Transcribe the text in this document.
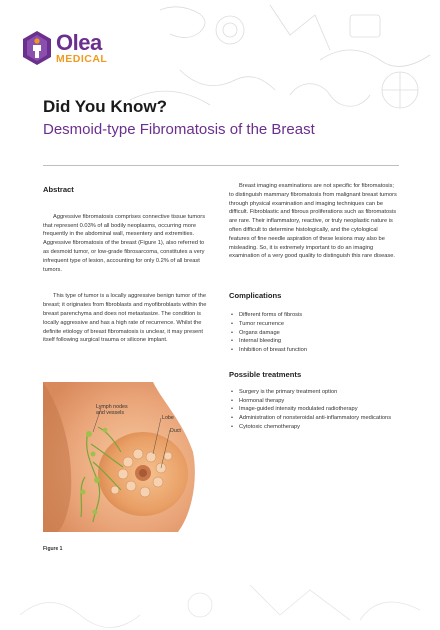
Olea
MEDICAL
Did You Know?
Desmoid-type Fibromatosis of the Breast

Abstract

Aggressive fibromatosis comprises connective tissue tumors that represent 0.03% of all bodily neoplasms, occurring more frequently in the abdominal wall, mesentery and extremities. Aggressive fibromatosis of the breast (Figure 1), also referred to as desmoid tumor, or low-grade fibrosarcoma, constitutes a very infrequent type of lesion, accounting for only 0.2% of all breast tumors.

This type of tumor is a locally aggressive benign tumor of the breast; it originates from fibroblasts and myofibroblasts within the breast parenchyma and does not metastasize. The condition is locally aggressive and has a high rate of recurrence. Whilst the definite etiology of breast fibromatosis is unclear, it may present itself following surgical trauma or silicone implant.

Lymph nodes
and vessels
Lobe
Duct
Figure 1

Breast imaging examinations are not specific for fibromatosis; to distinguish mammary fibromatosis from malignant breast tumors through physical examination and imaging techniques can be difficult. Fibroblastic and fibrous proliferations such as fibromatosis are rare. Their inflammatory, reactive, or truly neoplastic nature is often difficult to determine histologically, and the cytological features of fine needle aspiration of these lesions may also be misleading. So, it is extremely important to do an imaging examination of a very good quality to distinguish this rare disease.

Complications

• Different forms of fibrosis
• Tumor recurrence
• Organs damage
• Internal bleeding
• Inhibition of breast function

Possible treatments

• Surgery is the primary treatment option
• Hormonal therapy
• Image-guided intensity modulated radiotherapy
• Administration of nonsteroidal anti-inflammatory medications
• Cytotoxic chemotherapy
